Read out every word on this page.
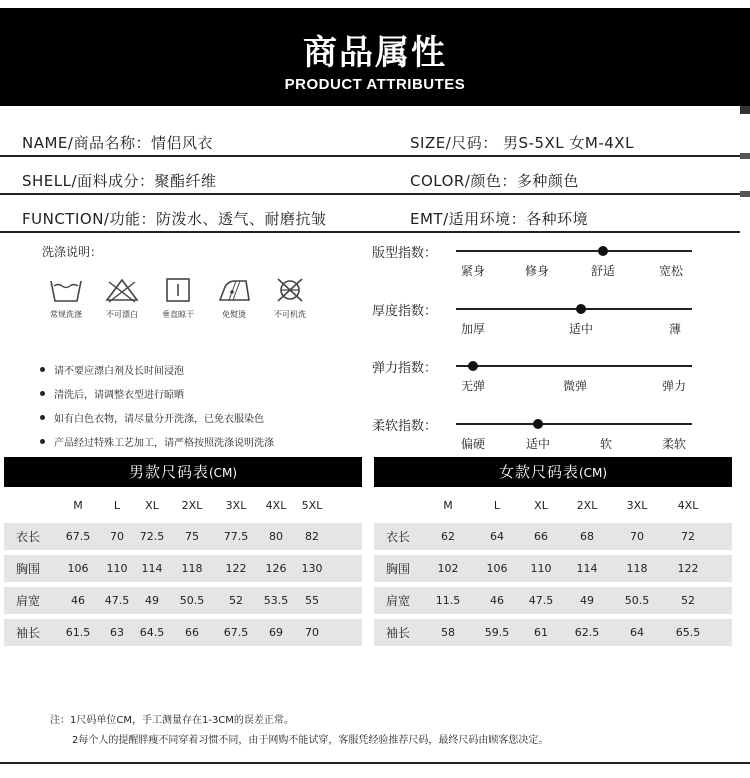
商品属性
PRODUCT ATTRIBUTES
NAME/商品名称：情侣风衣	SIZE/尺码： 男S-5XL 女M-4XL
SHELL/面料成分：聚酯纤维	COLOR/颜色：多种颜色
FUNCTION/功能：防泼水、透气、耐磨抗皱	EMT/适用环境：各种环境
洗涤说明：
常规洗涤	不可漂白	垂直晾干	免熨烫	不可机洗
请不要应漂白剂及长时间浸泡
清洗后，请调整衣型进行晾晒
如有白色衣物，请尽量分开洗涤，已免衣服染色
产品经过特殊工艺加工，请严格按照洗涤说明洗涤
版型指数：
紧身	修身	舒适	宽松
厚度指数：
加厚	适中	薄
弹力指数：
无弹	微弹	弹力
柔软指数：
偏硬	适中	软	柔软
男款尺码表(CM)
M	L XL 2XL 3XL 4XL 5XL
衣长 67.5 70 72.5 75 77.5 80 82
胸围 106 110 114 118 122 126 130
肩宽	46 47.5 49 50.5 52 53.5 55
袖长 61.5 63 64.5 66 67.5 69 70
女款尺码表(CM)
M	L	XL	2XL	3XL	4XL
衣长	62	64	66	68	70	72
胸围 102	106 110 114	118	122
肩宽 11.5	46 47.5 49	50.5	52
袖长	58	59.5 61 62.5	64	65.5
注：1尺码单位CM，手工测量存在1-3CM的误差正常。
2每个人的提醒胖瘦不同穿着习惯不同，由于网购不能试穿，客服凭经验推荐尺码，最终尺码由顾客您决定。
